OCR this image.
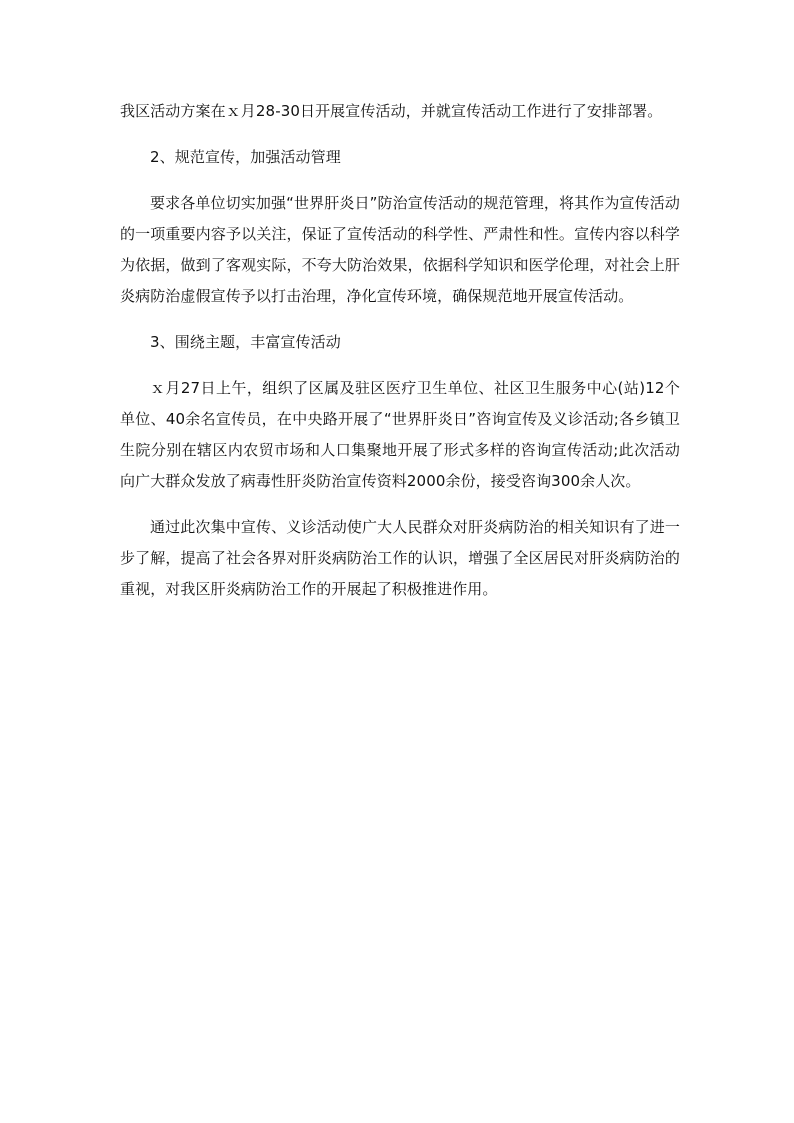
我区活动方案在ｘ月28-30日开展宣传活动，并就宣传活动工作进行了安排部署。

2、规范宣传，加强活动管理

要求各单位切实加强“世界肝炎日”防治宣传活动的规范管理，将其作为宣传活动的一项重要内容予以关注，保证了宣传活动的科学性、严肃性和性。宣传内容以科学为依据，做到了客观实际，不夸大防治效果，依据科学知识和医学伦理，对社会上肝炎病防治虚假宣传予以打击治理，净化宣传环境，确保规范地开展宣传活动。

3、围绕主题，丰富宣传活动

ｘ月27日上午，组织了区属及驻区医疗卫生单位、社区卫生服务中心(站)12个单位、40余名宣传员，在中央路开展了“世界肝炎日”咨询宣传及义诊活动;各乡镇卫生院分别在辖区内农贸市场和人口集聚地开展了形式多样的咨询宣传活动;此次活动向广大群众发放了病毒性肝炎防治宣传资料2000余份，接受咨询300余人次。

通过此次集中宣传、义诊活动使广大人民群众对肝炎病防治的相关知识有了进一步了解，提高了社会各界对肝炎病防治工作的认识，增强了全区居民对肝炎病防治的重视，对我区肝炎病防治工作的开展起了积极推进作用。
